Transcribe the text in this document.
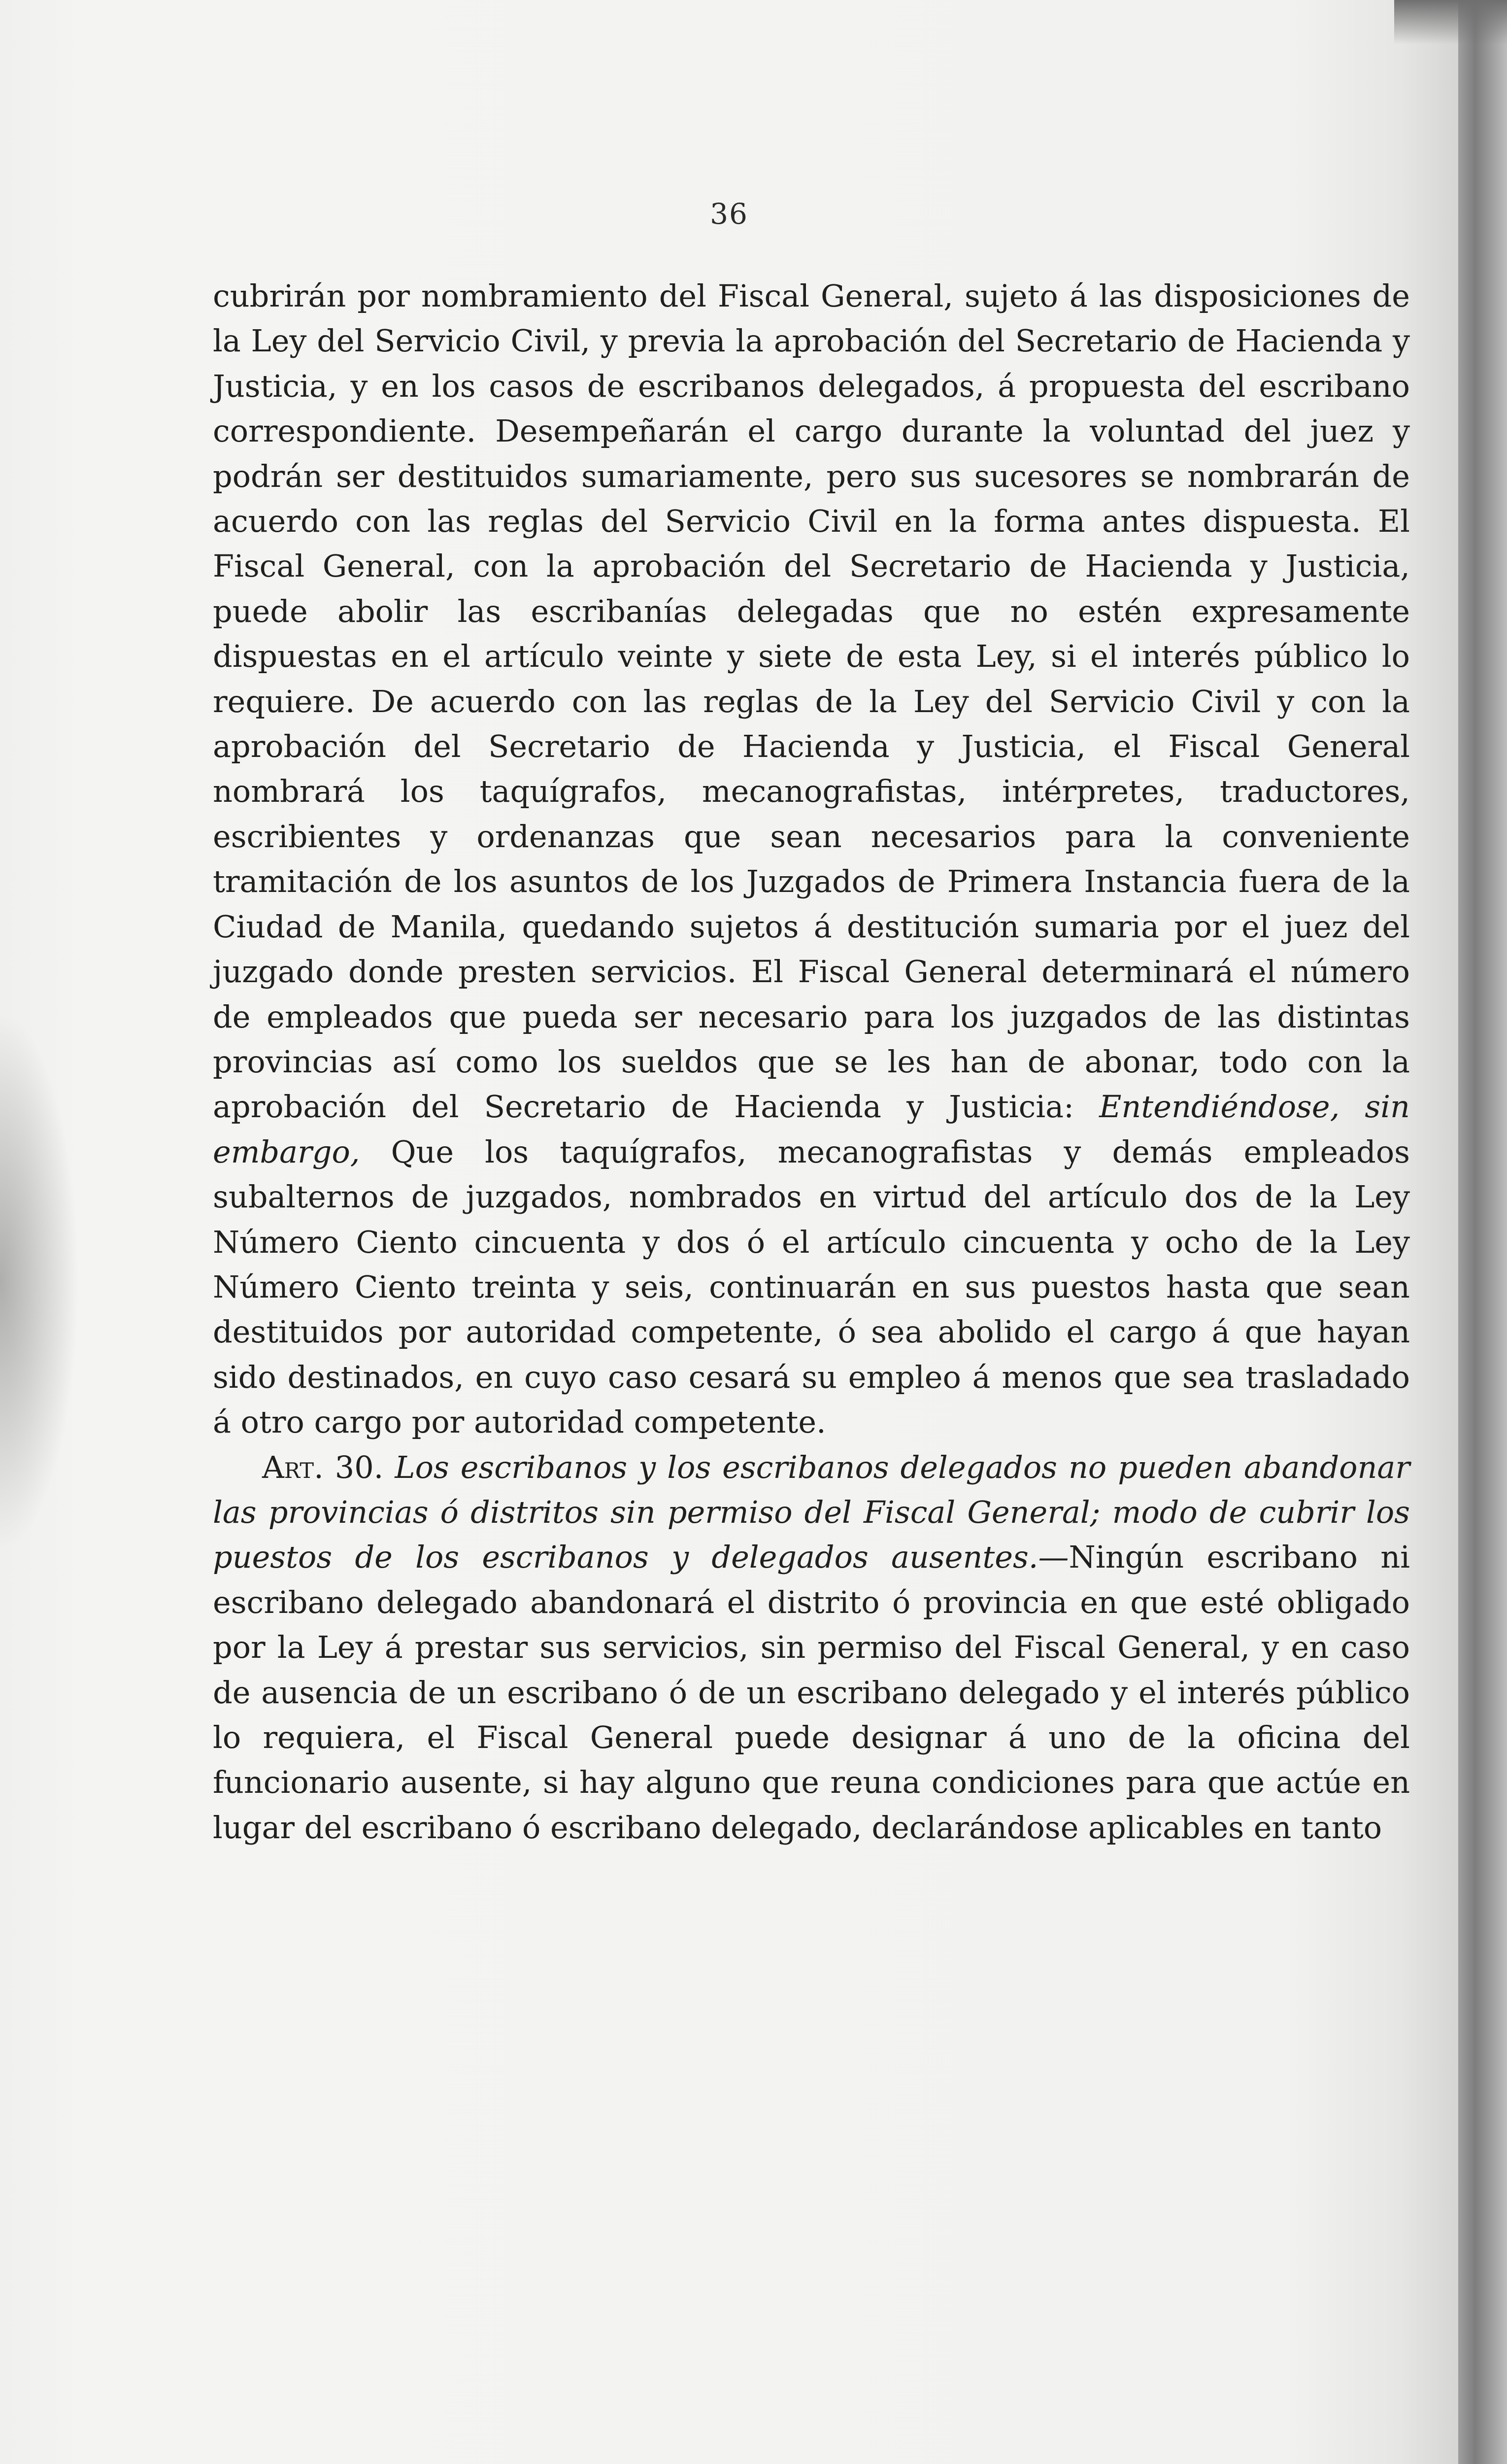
36

cubrirán por nombramiento del Fiscal General, sujeto á las disposiciones de la Ley del Servicio Civil, y previa la aprobación del Secretario de Hacienda y Justicia, y en los casos de escribanos delegados, á propuesta del escribano correspondiente. Desempeñarán el cargo durante la voluntad del juez y podrán ser destituidos sumariamente, pero sus sucesores se nombrarán de acuerdo con las reglas del Servicio Civil en la forma antes dispuesta. El Fiscal General, con la aprobación del Secretario de Hacienda y Justicia, puede abolir las escribanías delegadas que no estén expresamente dispuestas en el artículo veinte y siete de esta Ley, si el interés público lo requiere. De acuerdo con las reglas de la Ley del Servicio Civil y con la aprobación del Secretario de Hacienda y Justicia, el Fiscal General nombrará los taquígrafos, mecanografistas, intérpretes, traductores, escribientes y ordenanzas que sean necesarios para la conveniente tramitación de los asuntos de los Juzgados de Primera Instancia fuera de la Ciudad de Manila, quedando sujetos á destitución sumaria por el juez del juzgado donde presten servicios. El Fiscal General determinará el número de empleados que pueda ser necesario para los juzgados de las distintas provincias así como los sueldos que se les han de abonar, todo con la aprobación del Secretario de Hacienda y Justicia: Entendiéndose, sin embargo, Que los taquígrafos, mecanografistas y demás empleados subalternos de juzgados, nombrados en virtud del artículo dos de la Ley Número Ciento cincuenta y dos ó el artículo cincuenta y ocho de la Ley Número Ciento treinta y seis, continuarán en sus puestos hasta que sean destituidos por autoridad competente, ó sea abolido el cargo á que hayan sido destinados, en cuyo caso cesará su empleo á menos que sea trasladado á otro cargo por autoridad competente.

Art. 30. Los escribanos y los escribanos delegados no pueden abandonar las provincias ó distritos sin permiso del Fiscal General; modo de cubrir los puestos de los escribanos y delegados ausentes.—Ningún escribano ni escribano delegado abandonará el distrito ó provincia en que esté obligado por la Ley á prestar sus servicios, sin permiso del Fiscal General, y en caso de ausencia de un escribano ó de un escribano delegado y el interés público lo requiera, el Fiscal General puede designar á uno de la oficina del funcionario ausente, si hay alguno que reuna condiciones para que actúe en lugar del escribano ó escribano delegado, declarándose aplicables en tanto
